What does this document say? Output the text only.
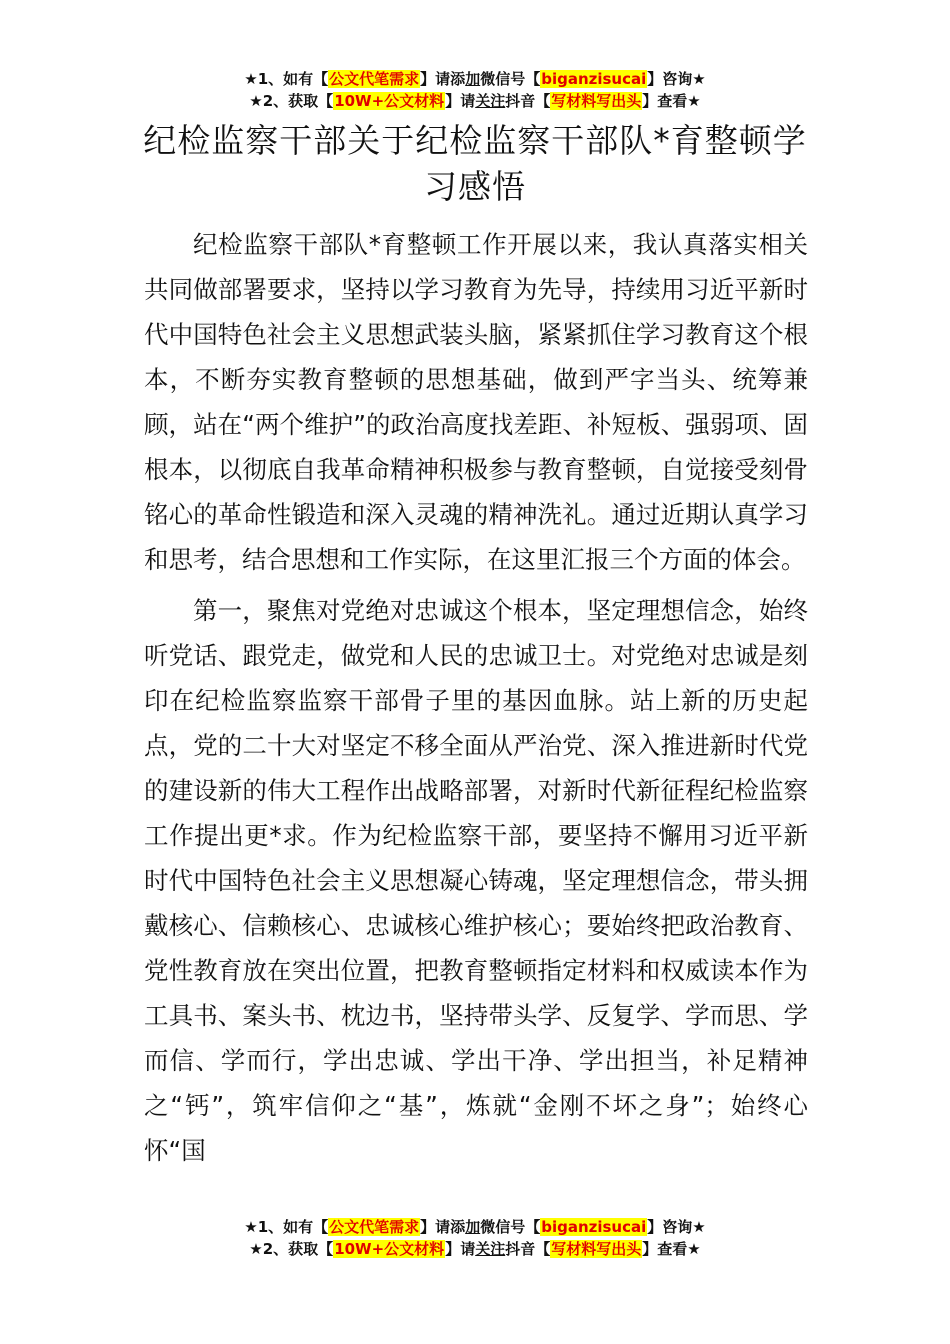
★1、如有【公文代笔需求】请添加微信号【biganzisucai】咨询★
★2、获取【10W+公文材料】请关注抖音【写材料写出头】查看★
纪检监察干部关于纪检监察干部队*育整顿学习感悟

纪检监察干部队*育整顿工作开展以来，我认真落实相关共同做部署要求，坚持以学习教育为先导，持续用习近平新时代中国特色社会主义思想武装头脑，紧紧抓住学习教育这个根本，不断夯实教育整顿的思想基础，做到严字当头、统筹兼顾，站在“两个维护”的政治高度找差距、补短板、强弱项、固根本，以彻底自我革命精神积极参与教育整顿，自觉接受刻骨铭心的革命性锻造和深入灵魂的精神洗礼。通过近期认真学习和思考，结合思想和工作实际，在这里汇报三个方面的体会。

第一，聚焦对党绝对忠诚这个根本，坚定理想信念，始终听党话、跟党走，做党和人民的忠诚卫士。对党绝对忠诚是刻印在纪检监察监察干部骨子里的基因血脉。站上新的历史起点，党的二十大对坚定不移全面从严治党、深入推进新时代党的建设新的伟大工程作出战略部署，对新时代新征程纪检监察工作提出更*求。作为纪检监察干部，要坚持不懈用习近平新时代中国特色社会主义思想凝心铸魂，坚定理想信念，带头拥戴核心、信赖核心、忠诚核心维护核心；要始终把政治教育、党性教育放在突出位置，把教育整顿指定材料和权威读本作为工具书、案头书、枕边书，坚持带头学、反复学、学而思、学而信、学而行，学出忠诚、学出干净、学出担当，补足精神之“钙”，筑牢信仰之“基”，炼就“金刚不坏之身”；始终心怀“国

★1、如有【公文代笔需求】请添加微信号【biganzisucai】咨询★
★2、获取【10W+公文材料】请关注抖音【写材料写出头】查看★
